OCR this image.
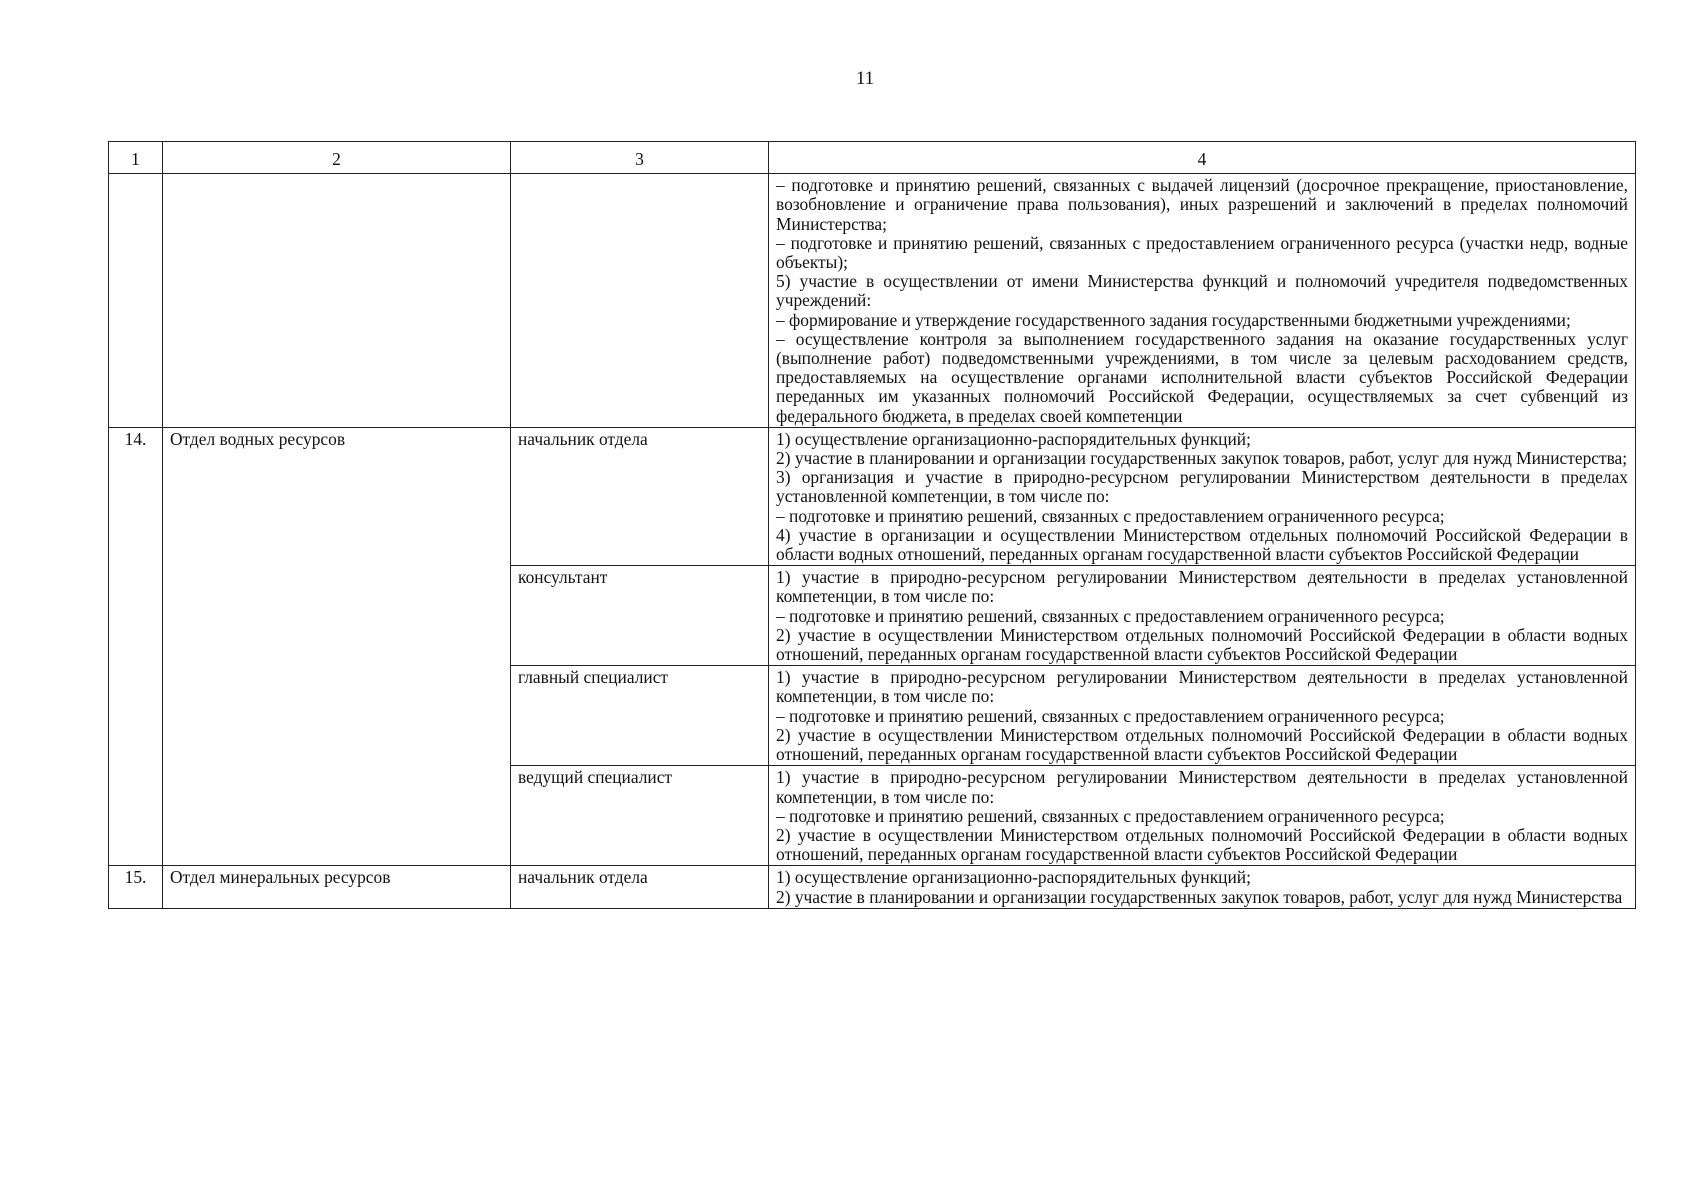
11
1	2	3	4

			– подготовке и принятию решений, связанных с выдачей лицензий (досрочное прекращение, приостановление, возобновление и ограничение права пользования), иных разрешений и заключений в пределах полномочий Министерства;
– подготовке и принятию решений, связанных с предоставлением ограниченного ресурса (участки недр, водные объекты);
5) участие в осуществлении от имени Министерства функций и полномочий учредителя подведомственных учреждений:
– формирование и утверждение государственного задания государственными бюджетными учреждениями;
– осуществление контроля за выполнением государственного задания на оказание государственных услуг (выполнение работ) подведомственными учреждениями, в том числе за целевым расходованием средств, предоставляемых на осуществление органами исполнительной власти субъектов Российской Федерации переданных им указанных полномочий Российской Федерации, осуществляемых за счет субвенций из федерального бюджета, в пределах своей компетенции

14.	Отдел водных ресурсов	начальник отдела	1) осуществление организационно-распорядительных функций;
2) участие в планировании и организации государственных закупок товаров, работ, услуг для нужд Министерства;
3) организация и участие в природно-ресурсном регулировании Министерством деятельности в пределах установленной компетенции, в том числе по:
– подготовке и принятию решений, связанных с предоставлением ограниченного ресурса;
4) участие в организации и осуществлении Министерством отдельных полномочий Российской Федерации в области водных отношений, переданных органам государственной власти субъектов Российской Федерации

		консультант	1) участие в природно-ресурсном регулировании Министерством деятельности в пределах установленной компетенции, в том числе по:
– подготовке и принятию решений, связанных с предоставлением ограниченного ресурса;
2) участие в осуществлении Министерством отдельных полномочий Российской Федерации в области водных отношений, переданных органам государственной власти субъектов Российской Федерации

		главный специалист	1) участие в природно-ресурсном регулировании Министерством деятельности в пределах установленной компетенции, в том числе по:
– подготовке и принятию решений, связанных с предоставлением ограниченного ресурса;
2) участие в осуществлении Министерством отдельных полномочий Российской Федерации в области водных отношений, переданных органам государственной власти субъектов Российской Федерации

		ведущий специалист	1) участие в природно-ресурсном регулировании Министерством деятельности в пределах установленной компетенции, в том числе по:
– подготовке и принятию решений, связанных с предоставлением ограниченного ресурса;
2) участие в осуществлении Министерством отдельных полномочий Российской Федерации в области водных отношений, переданных органам государственной власти субъектов Российской Федерации

15.	Отдел минеральных ресурсов	начальник отдела	1) осуществление организационно-распорядительных функций;
2) участие в планировании и организации государственных закупок товаров, работ, услуг для нужд Министерства
